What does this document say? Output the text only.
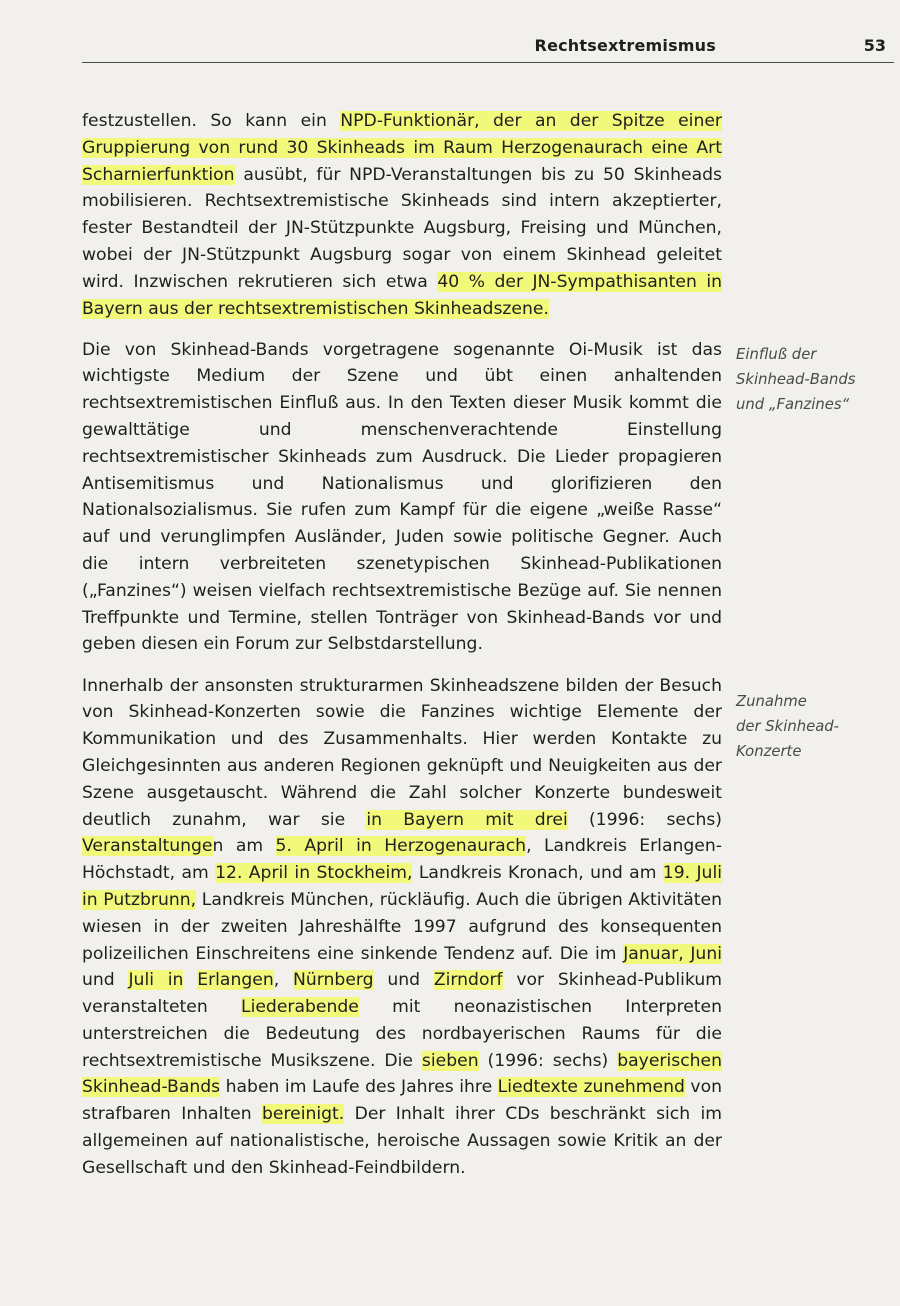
Rechtsextremismus	53

festzustellen. So kann ein NPD-Funktionär, der an der Spitze einer Gruppierung von rund 30 Skinheads im Raum Herzogenaurach eine Art Scharnierfunktion ausübt, für NPD-Veranstaltungen bis zu 50 Skinheads mobilisieren. Rechtsextremistische Skinheads sind intern akzeptierter, fester Bestandteil der JN-Stützpunkte Augsburg, Freising und München, wobei der JN-Stützpunkt Augsburg sogar von einem Skinhead geleitet wird. Inzwischen rekrutieren sich etwa 40 % der JN-Sympathisanten in Bayern aus der rechtsextremistischen Skinheadszene.

Die von Skinhead-Bands vorgetragene sogenannte Oi-Musik ist das wichtigste Medium der Szene und übt einen anhaltenden rechtsextremistischen Einfluß aus. In den Texten dieser Musik kommt die gewalttätige und menschenverachtende Einstellung rechtsextremistischer Skinheads zum Ausdruck. Die Lieder propagieren Antisemitismus und Nationalismus und glorifizieren den Nationalsozialismus. Sie rufen zum Kampf für die eigene „weiße Rasse“ auf und verunglimpfen Ausländer, Juden sowie politische Gegner. Auch die intern verbreiteten szenetypischen Skinhead-Publikationen („Fanzines“) weisen vielfach rechtsextremistische Bezüge auf. Sie nennen Treffpunkte und Termine, stellen Tonträger von Skinhead-Bands vor und geben diesen ein Forum zur Selbstdarstellung.

Innerhalb der ansonsten strukturarmen Skinheadszene bilden der Besuch von Skinhead-Konzerten sowie die Fanzines wichtige Elemente der Kommunikation und des Zusammenhalts. Hier werden Kontakte zu Gleichgesinnten aus anderen Regionen geknüpft und Neuigkeiten aus der Szene ausgetauscht. Während die Zahl solcher Konzerte bundesweit deutlich zunahm, war sie in Bayern mit drei (1996: sechs) Veranstaltungen am 5. April in Herzogenaurach, Landkreis Erlangen-Höchstadt, am 12. April in Stockheim, Landkreis Kronach, und am 19. Juli in Putzbrunn, Landkreis München, rückläufig. Auch die übrigen Aktivitäten wiesen in der zweiten Jahreshälfte 1997 aufgrund des konsequenten polizeilichen Einschreitens eine sinkende Tendenz auf. Die im Januar, Juni und Juli in Erlangen, Nürnberg und Zirndorf vor Skinhead-Publikum veranstalteten Liederabende mit neonazistischen Interpreten unterstreichen die Bedeutung des nordbayerischen Raums für die rechtsextremistische Musikszene. Die sieben (1996: sechs) bayerischen Skinhead-Bands haben im Laufe des Jahres ihre Liedtexte zunehmend von strafbaren Inhalten bereinigt. Der Inhalt ihrer CDs beschränkt sich im allgemeinen auf nationalistische, heroische Aussagen sowie Kritik an der Gesellschaft und den Skinhead-Feindbildern.

Einfluß der
Skinhead-Bands
und „Fanzines“
Zunahme
der Skinhead-
Konzerte
